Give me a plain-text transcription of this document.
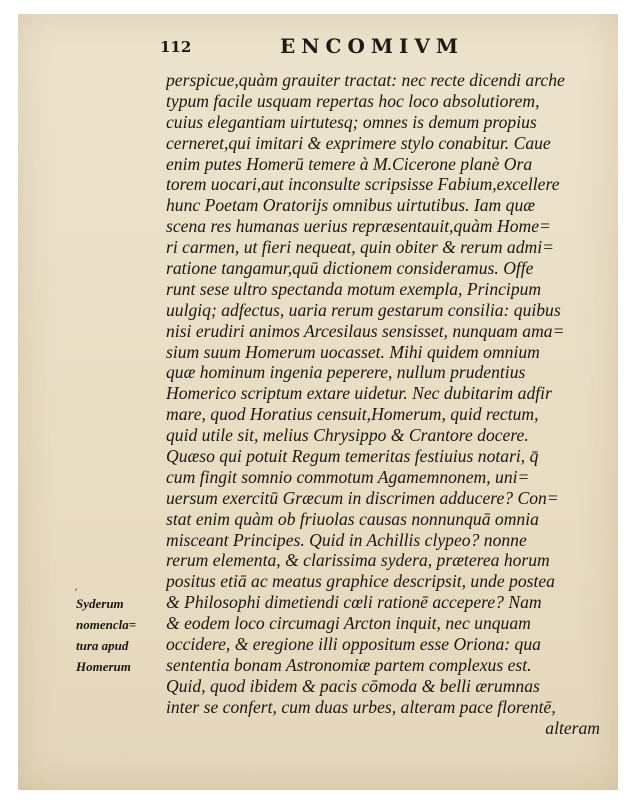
112	ENCOMIVM
perspicue,quàm grauiter tractat: nec recte dicendi arche
typum facile usquam repertas hoc loco absolutiorem,
cuius elegantiam uirtutesq; omnes is demum propius
cerneret,qui imitari & exprimere stylo conabitur. Caue
enim putes Homerū temere à M.Cicerone planè Ora
torem uocari,aut inconsulte scripsisse Fabium,excellere
hunc Poetam Oratorijs omnibus uirtutibus. Iam quæ
scena res humanas uerius repræsentauit,quàm Home=
ri carmen, ut fieri nequeat, quin obiter & rerum admi=
ratione tangamur,quū dictionem consideramus. Offe
runt sese ultro spectanda motum exempla, Principum
uulgiq; adfectus, uaria rerum gestarum consilia: quibus
nisi erudiri animos Arcesilaus sensisset, nunquam ama=
sium suum Homerum uocasset. Mihi quidem omnium
quæ hominum ingenia peperere, nullum prudentius
Homerico scriptum extare uidetur. Nec dubitarim adfir
mare, quod Horatius censuit,Homerum, quid rectum,
quid utile sit, melius Chrysippo & Crantore docere.
Quæso qui potuit Regum temeritas festiuius notari, q̄
cum fingit somnio commotum Agamemnonem, uni=
uersum exercitū Græcum in discrimen adducere? Con=
stat enim quàm ob friuolas causas nonnunquā omnia
misceant Principes. Quid in Achillis clypeo? nonne
rerum elementa, & clarissima sydera, præterea horum
positus etiā ac meatus graphice descripsit, unde postea
& Philosophi dimetiendi cœli rationē accepere? Nam
& eodem loco circumagi Arcton inquit, nec unquam
occidere, & eregione illi oppositum esse Oriona: qua
sententia bonam Astronomiæ partem complexus est.
Quid, quod ibidem & pacis cōmoda & belli ærumnas
inter se confert, cum duas urbes, alteram pace florentē,
alteram
ʼ
Syderum
nomencla=
tura apud
Homerum
